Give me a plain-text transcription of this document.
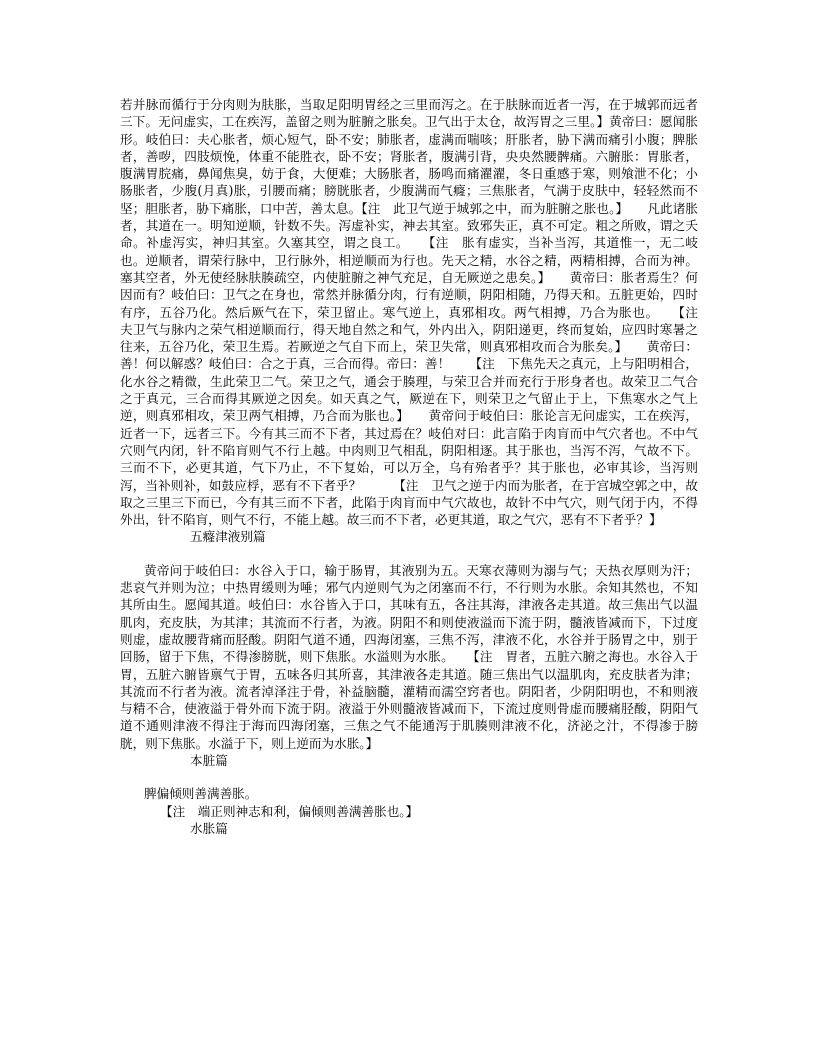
若并脉而循行于分肉则为肤胀，当取足阳明胃经之三里而泻之。在于肤脉而近者一泻，在于城郭而远者三下。无问虚实，工在疾泻，盖留之则为脏腑之胀矣。卫气出于太仓，故泻胃之三里。】黄帝曰：愿闻胀形。岐伯曰：夫心胀者，烦心短气，卧不安；肺胀者，虚满而喘咳；肝胀者，胁下满而痛引小腹；脾胀者，善哕，四肢烦悗，体重不能胜衣，卧不安；肾胀者，腹满引背，央央然腰髀痛。六腑胀：胃胀者，腹满胃脘痛，鼻闻焦臭，妨于食，大便难；大肠胀者，肠鸣而痛濯濯，冬日重感于寒，则飧泄不化；小肠胀者，少腹(月真)胀，引腰而痛；膀胱胀者，少腹满而气癃；三焦胀者，气满于皮肤中，轻轻然而不坚；胆胀者，胁下痛胀，口中苦，善太息。【注　此卫气逆于城郭之中，而为脏腑之胀也。】　　凡此诸胀者，其道在一。明知逆顺，针数不失。泻虚补实，神去其室。致邪失正，真不可定。粗之所败，谓之夭命。补虚泻实，神归其室。久塞其空，谓之良工。　　【注　胀有虚实，当补当泻，其道惟一，无二岐也。逆顺者，谓荣行脉中，卫行脉外，相逆顺而为行也。先天之精，水谷之精，两精相搏，合而为神。塞其空者，外无使经脉肤腠疏空，内使脏腑之神气充足，自无厥逆之患矣。】　　黄帝曰：胀者焉生？何因而有？岐伯曰：卫气之在身也，常然并脉循分肉，行有逆顺，阴阳相随，乃得天和。五脏更始，四时有序，五谷乃化。然后厥气在下，荣卫留止。寒气逆上，真邪相攻。两气相搏，乃合为胀也。　　【注　夫卫气与脉内之荣气相逆顺而行，得天地自然之和气，外内出入，阴阳递更，终而复始，应四时寒暑之往来，五谷乃化，荣卫生焉。若厥逆之气自下而上，荣卫失常，则真邪相攻而合为胀矣。】　　黄帝曰：善！何以解惑？岐伯曰：合之于真，三合而得。帝曰：善！　　【注　下焦先天之真元，上与阳明相合，化水谷之精微，生此荣卫二气。荣卫之气，通会于腠理，与荣卫合并而充行于形身者也。故荣卫二气合之于真元，三合而得其厥逆之因矣。如天真之气，厥逆在下，则荣卫之气留止于上，下焦寒水之气上逆，则真邪相攻，荣卫两气相搏，乃合而为胀也。】　　黄帝问于岐伯曰：胀论言无问虚实，工在疾泻，近者一下，远者三下。今有其三而不下者，其过焉在？岐伯对曰：此言陷于肉肓而中气穴者也。不中气穴则气内闭，针不陷肓则气不行上越。中肉则卫气相乱，阴阳相逐。其于胀也，当泻不泻，气故不下。三而不下，必更其道，气下乃止，不下复始，可以万全，乌有殆者乎？其于胀也，必审其诊，当泻则泻，当补则补，如鼓应桴，恶有不下者乎？　　　【注　卫气之逆于内而为胀者，在于宫城空郭之中，故取之三里三下而已，今有其三而不下者，此陷于肉肓而中气穴故也，故针不中气穴，则气闭于内，不得外出，针不陷肓，则气不行，不能上越。故三而不下者，必更其道，取之气穴，恶有不下者乎？】

五癃津液别篇

黄帝问于岐伯曰：水谷入于口，输于肠胃，其液别为五。天寒衣薄则为溺与气；天热衣厚则为汗；悲哀气并则为泣；中热胃缓则为唾；邪气内逆则气为之闭塞而不行，不行则为水胀。余知其然也，不知其所由生。愿闻其道。岐伯曰：水谷皆入于口，其味有五，各注其海，津液各走其道。故三焦出气以温肌肉，充皮肤，为其津；其流而不行者，为液。阴阳不和则使液溢而下流于阴，髓液皆减而下，下过度则虚，虚故腰背痛而胫酸。阴阳气道不通，四海闭塞，三焦不泻，津液不化，水谷并于肠胃之中，别于回肠，留于下焦，不得渗膀胱，则下焦胀。水溢则为水胀。　　【注　胃者，五脏六腑之海也。水谷入于胃，五脏六腑皆禀气于胃，五味各归其所喜，其津液各走其道。随三焦出气以温肌肉，充皮肤者为津；其流而不行者为液。流者淖泽注于骨，补益脑髓，灌精而濡空窍者也。阴阳者，少阴阳明也，不和则液与精不合，使液溢于骨外而下流于阴。液溢于外则髓液皆减而下，下流过度则骨虚而腰痛胫酸，阴阳气道不通则津液不得注于海而四海闭塞，三焦之气不能通泻于肌腠则津液不化，济泌之汁，不得渗于膀胱，则下焦胀。水溢于下，则上逆而为水胀。】

本脏篇

脾偏倾则善满善胀。

【注　端正则神志和利，偏倾则善满善胀也。】

水胀篇
